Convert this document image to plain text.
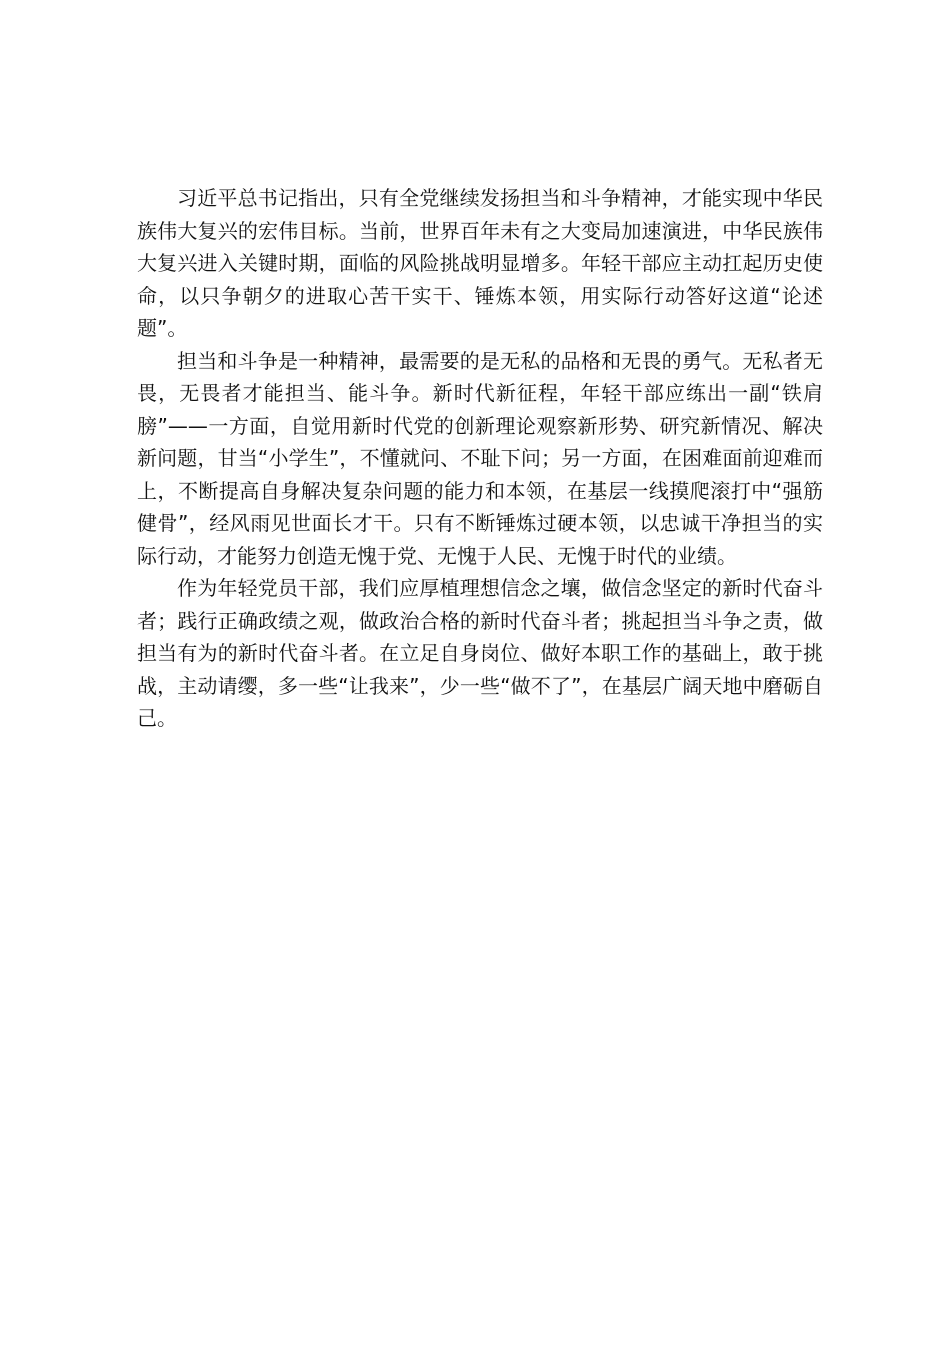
习近平总书记指出，只有全党继续发扬担当和斗争精神，才能实现中华民族伟大复兴的宏伟目标。当前，世界百年未有之大变局加速演进，中华民族伟大复兴进入关键时期，面临的风险挑战明显增多。年轻干部应主动扛起历史使命，以只争朝夕的进取心苦干实干、锤炼本领，用实际行动答好这道“论述题”。

担当和斗争是一种精神，最需要的是无私的品格和无畏的勇气。无私者无畏，无畏者才能担当、能斗争。新时代新征程，年轻干部应练出一副“铁肩膀”——一方面，自觉用新时代党的创新理论观察新形势、研究新情况、解决新问题，甘当“小学生”，不懂就问、不耻下问；另一方面，在困难面前迎难而上，不断提高自身解决复杂问题的能力和本领，在基层一线摸爬滚打中“强筋健骨”，经风雨见世面长才干。只有不断锤炼过硬本领，以忠诚干净担当的实际行动，才能努力创造无愧于党、无愧于人民、无愧于时代的业绩。

作为年轻党员干部，我们应厚植理想信念之壤，做信念坚定的新时代奋斗者；践行正确政绩之观，做政治合格的新时代奋斗者；挑起担当斗争之责，做担当有为的新时代奋斗者。在立足自身岗位、做好本职工作的基础上，敢于挑战，主动请缨，多一些“让我来”，少一些“做不了”，在基层广阔天地中磨砺自己。
